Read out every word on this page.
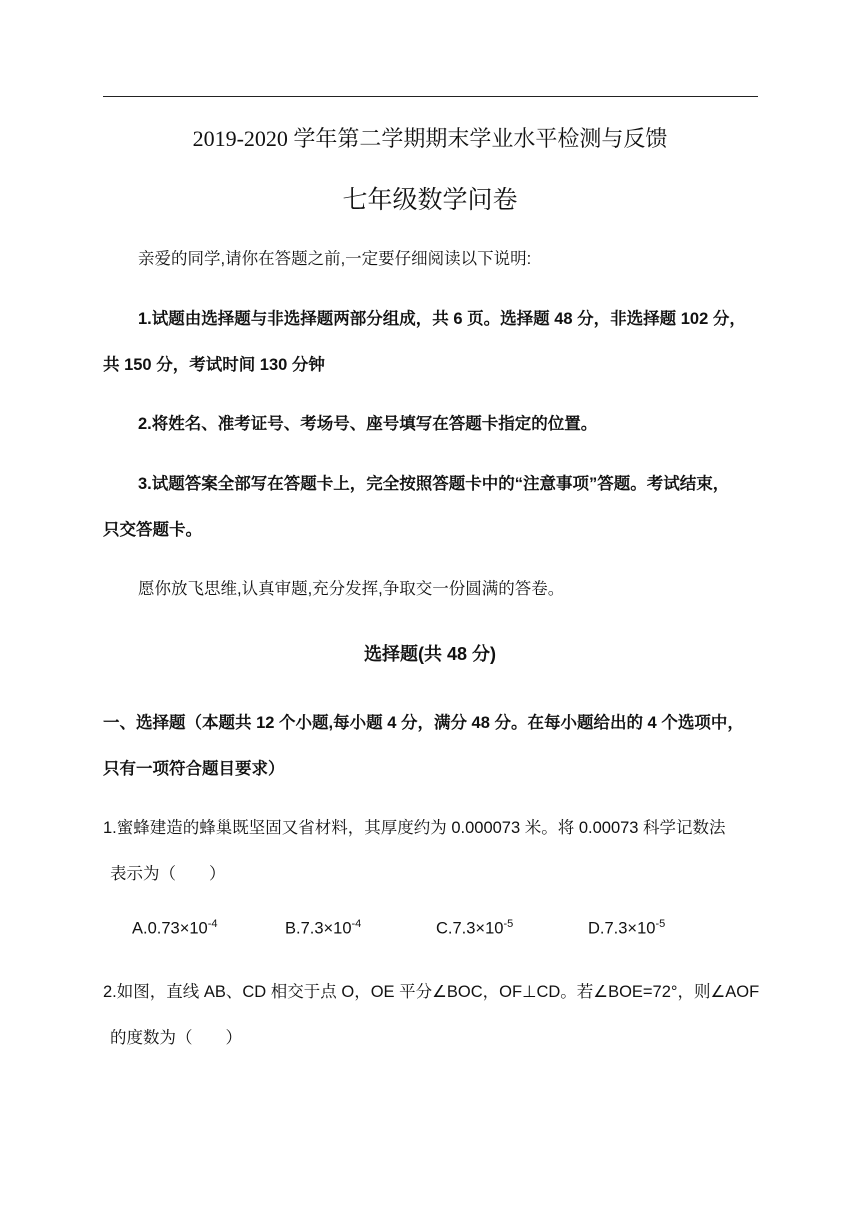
2019-2020 学年第二学期期末学业水平检测与反馈
七年级数学问卷
亲爱的同学,请你在答题之前,一定要仔细阅读以下说明:
1.试题由选择题与非选择题两部分组成，共 6 页。选择题 48 分，非选择题 102 分，
共 150 分，考试时间 130 分钟
2.将姓名、准考证号、考场号、座号填写在答题卡指定的位置。
3.试题答案全部写在答题卡上，完全按照答题卡中的“注意事项”答题。考试结束，
只交答题卡。
愿你放飞思维,认真审题,充分发挥,争取交一份圆满的答卷。
选择题(共 48 分)
一、选择题（本题共 12 个小题,每小题 4 分，满分 48 分。在每小题给出的 4 个选项中，
只有一项符合题目要求）
1.蜜蜂建造的蜂巢既坚固又省材料，其厚度约为 0.000073 米。将 0.00073 科学记数法
表示为（　　）
$A.0.73\times 10^{-4}$	$B.7.3\times 10^{-4}$	$C.7.3\times 10^{-5}$	$D.7.3\times 10^{-5}$
2.如图，直线 AB、CD 相交于点 O，OE 平分∠BOC，OF⊥CD。若∠BOE=72°，则∠AOF
的度数为（　　）
